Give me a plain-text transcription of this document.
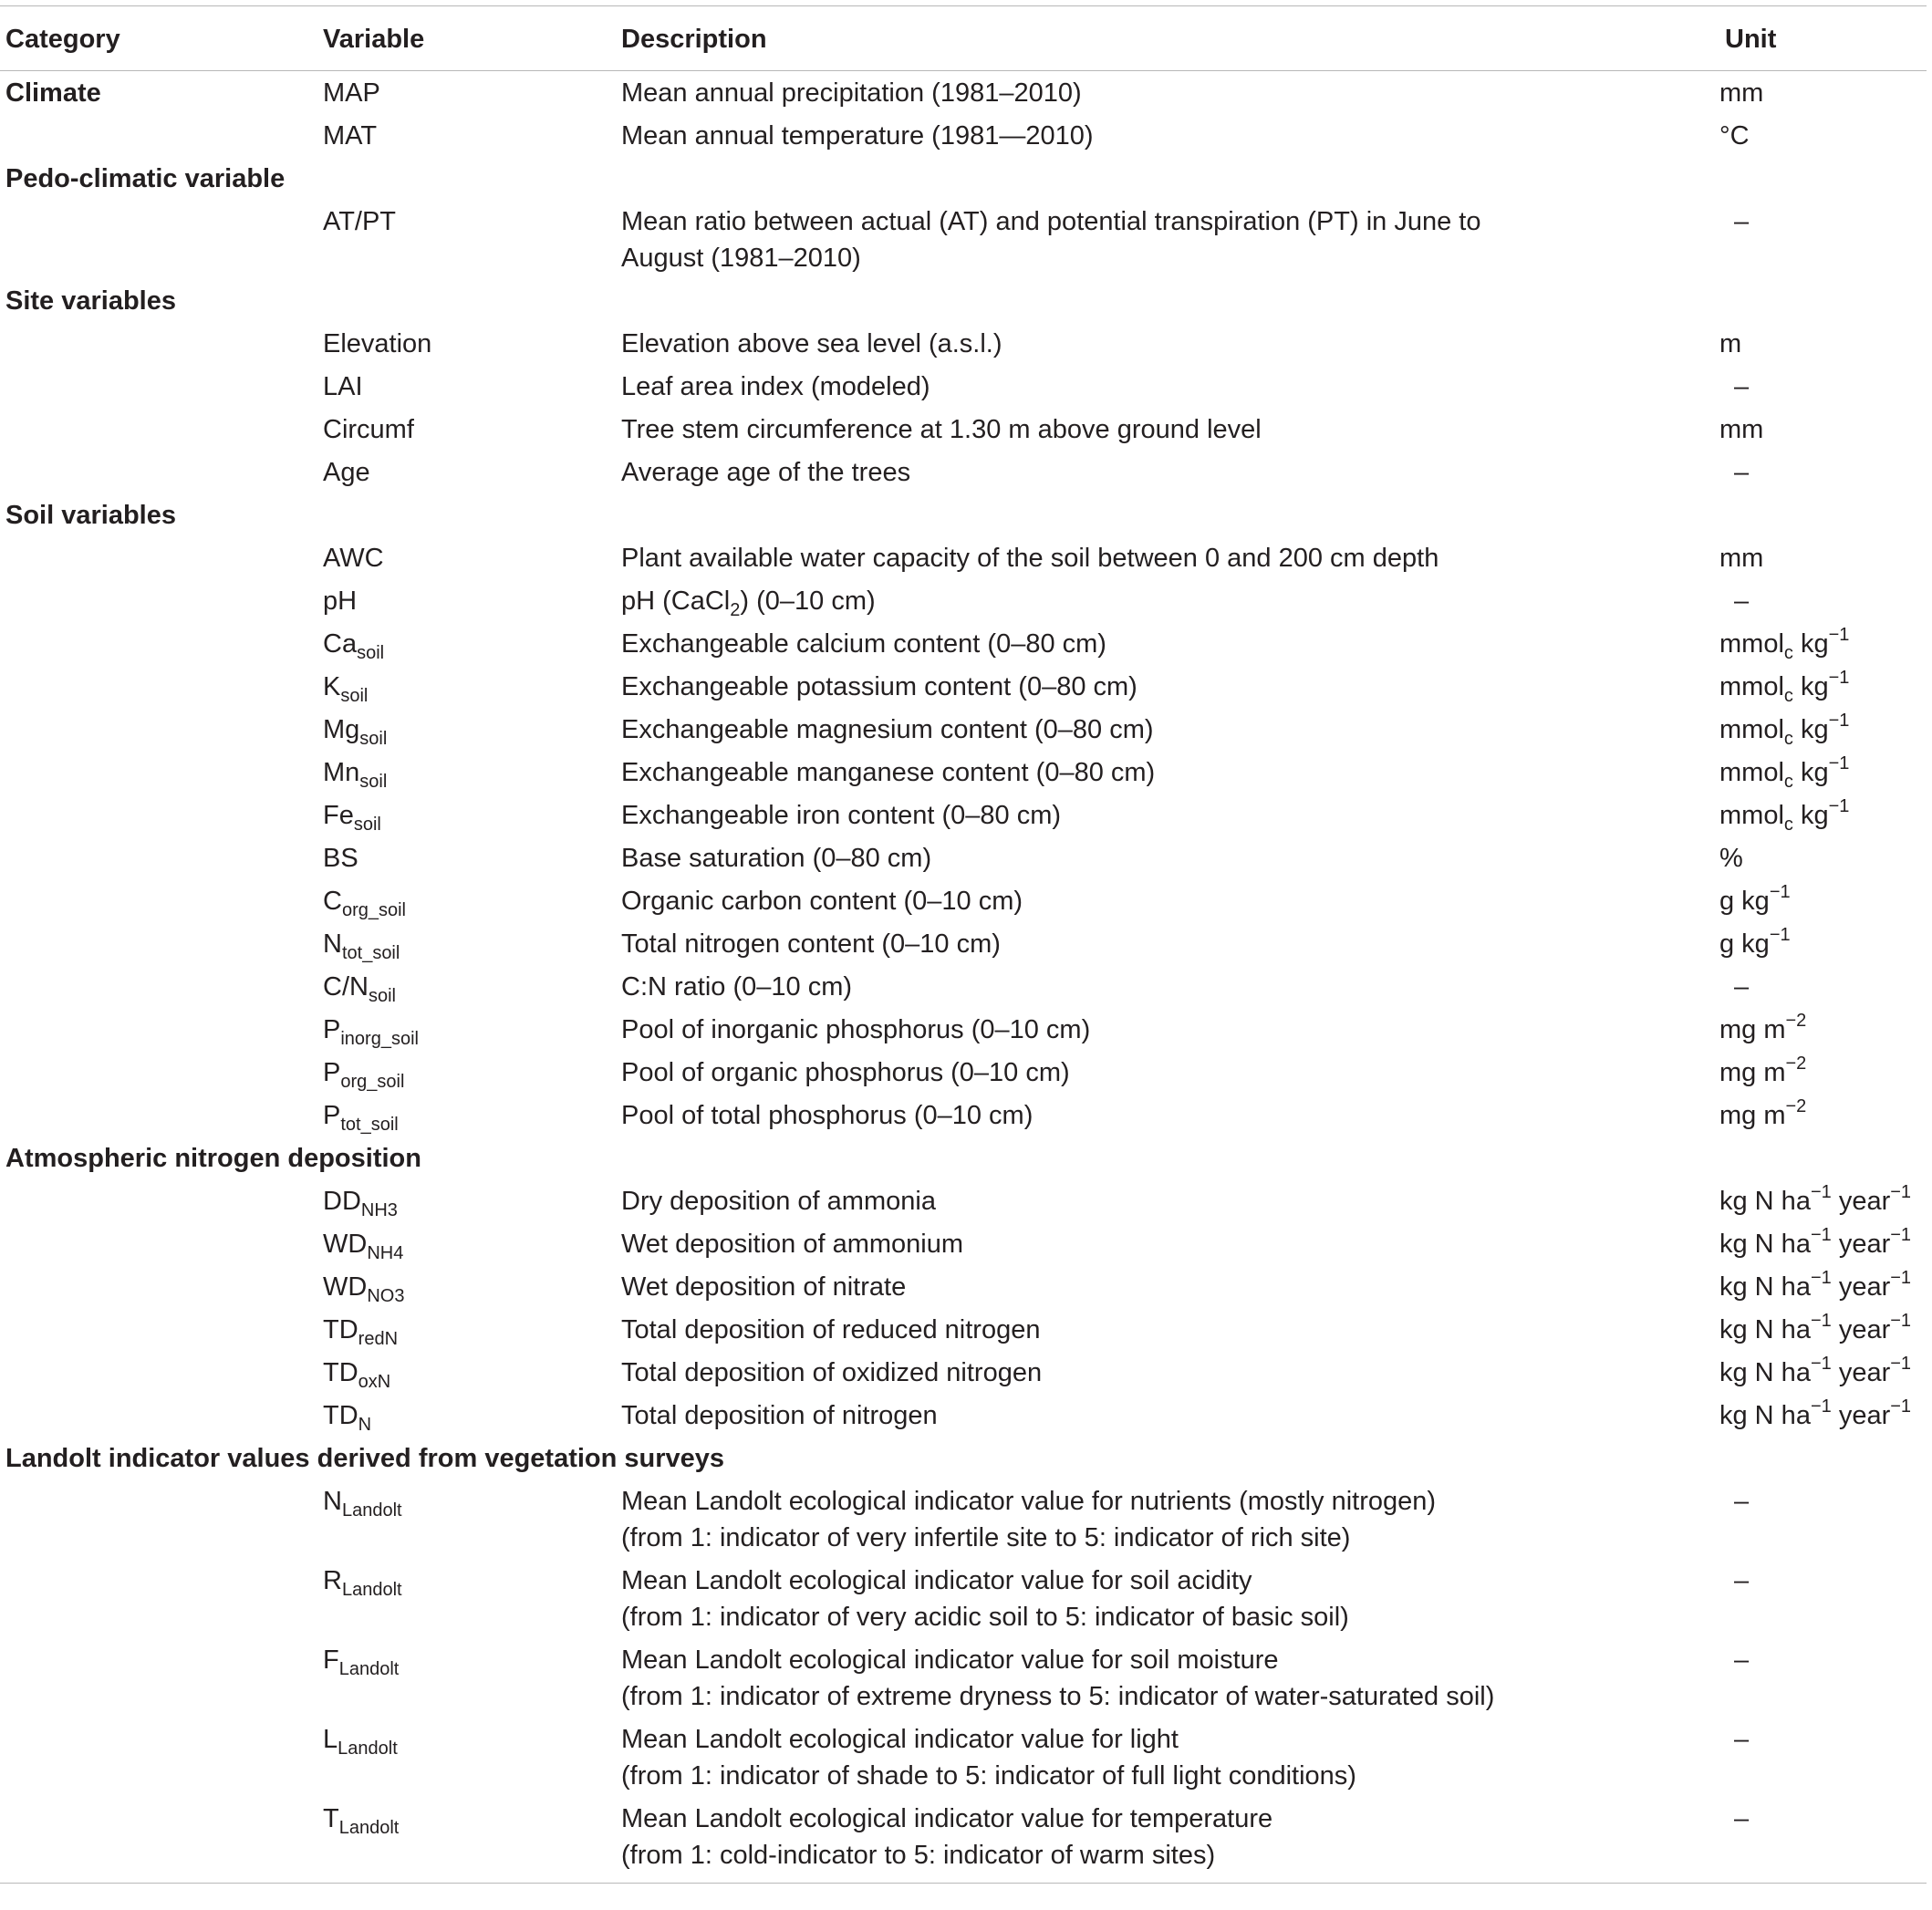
Category	Variable	Description	Unit
Climate	MAP	Mean annual precipitation (1981–2010)	mm
	MAT	Mean annual temperature (1981—2010)	°C
Pedo-climatic variable			
	AT/PT	Mean ratio between actual (AT) and potential transpiration (PT) in June to
August (1981–2010)	–
Site variables			
	Elevation	Elevation above sea level (a.s.l.)	m
	LAI	Leaf area index (modeled)	–
	Circumf	Tree stem circumference at 1.30 m above ground level	mm
	Age	Average age of the trees	–
Soil variables			
	AWC	Plant available water capacity of the soil between 0 and 200 cm depth	mm
	pH	pH (CaCl$_2$) (0–10 cm)	–
	$Ca_{soil}$	Exchangeable calcium content (0–80 cm)	mmol$_c$ $kg^{-1}$
	$K_{soil}$	Exchangeable potassium content (0–80 cm)	mmol$_c$ $kg^{-1}$
	$Mg_{soil}$	Exchangeable magnesium content (0–80 cm)	mmol$_c$ $kg^{-1}$
	$Mn_{soil}$	Exchangeable manganese content (0–80 cm)	mmol$_c$ $kg^{-1}$
	$Fe_{soil}$	Exchangeable iron content (0–80 cm)	mmol$_c$ $kg^{-1}$
	BS	Base saturation (0–80 cm)	%
	$C_{org\_soil}$	Organic carbon content (0–10 cm)	g $kg^{-1}$
	$N_{tot\_soil}$	Total nitrogen content (0–10 cm)	g $kg^{-1}$
	$C/N_{soil}$	C:N ratio (0–10 cm)	–
	$P_{inorg\_soil}$	Pool of inorganic phosphorus (0–10 cm)	mg $m^{-2}$
	$P_{org\_soil}$	Pool of organic phosphorus (0–10 cm)	mg $m^{-2}$
	$P_{tot\_soil}$	Pool of total phosphorus (0–10 cm)	mg $m^{-2}$
Atmospheric nitrogen deposition			
	$DD_{NH3}$	Dry deposition of ammonia	kg N $ha^{-1}$ year$^{-1}$
	$WD_{NH4}$	Wet deposition of ammonium	kg N $ha^{-1}$ year$^{-1}$
	$WD_{NO3}$	Wet deposition of nitrate	kg N $ha^{-1}$ year$^{-1}$
	$TD_{redN}$	Total deposition of reduced nitrogen	kg N $ha^{-1}$ year$^{-1}$
	$TD_{oxN}$	Total deposition of oxidized nitrogen	kg N $ha^{-1}$ year$^{-1}$
	$TD_N$	Total deposition of nitrogen	kg N $ha^{-1}$ year$^{-1}$
Landolt indicator values derived from vegetation surveys			
	$N_{Landolt}$	Mean Landolt ecological indicator value for nutrients (mostly nitrogen)
(from 1: indicator of very infertile site to 5: indicator of rich site)	–
	$R_{Landolt}$	Mean Landolt ecological indicator value for soil acidity
(from 1: indicator of very acidic soil to 5: indicator of basic soil)	–
	$F_{Landolt}$	Mean Landolt ecological indicator value for soil moisture
(from 1: indicator of extreme dryness to 5: indicator of water-saturated soil)	–
	$L_{Landolt}$	Mean Landolt ecological indicator value for light
(from 1: indicator of shade to 5: indicator of full light conditions)	–
	$T_{Landolt}$	Mean Landolt ecological indicator value for temperature
(from 1: cold-indicator to 5: indicator of warm sites)	–
